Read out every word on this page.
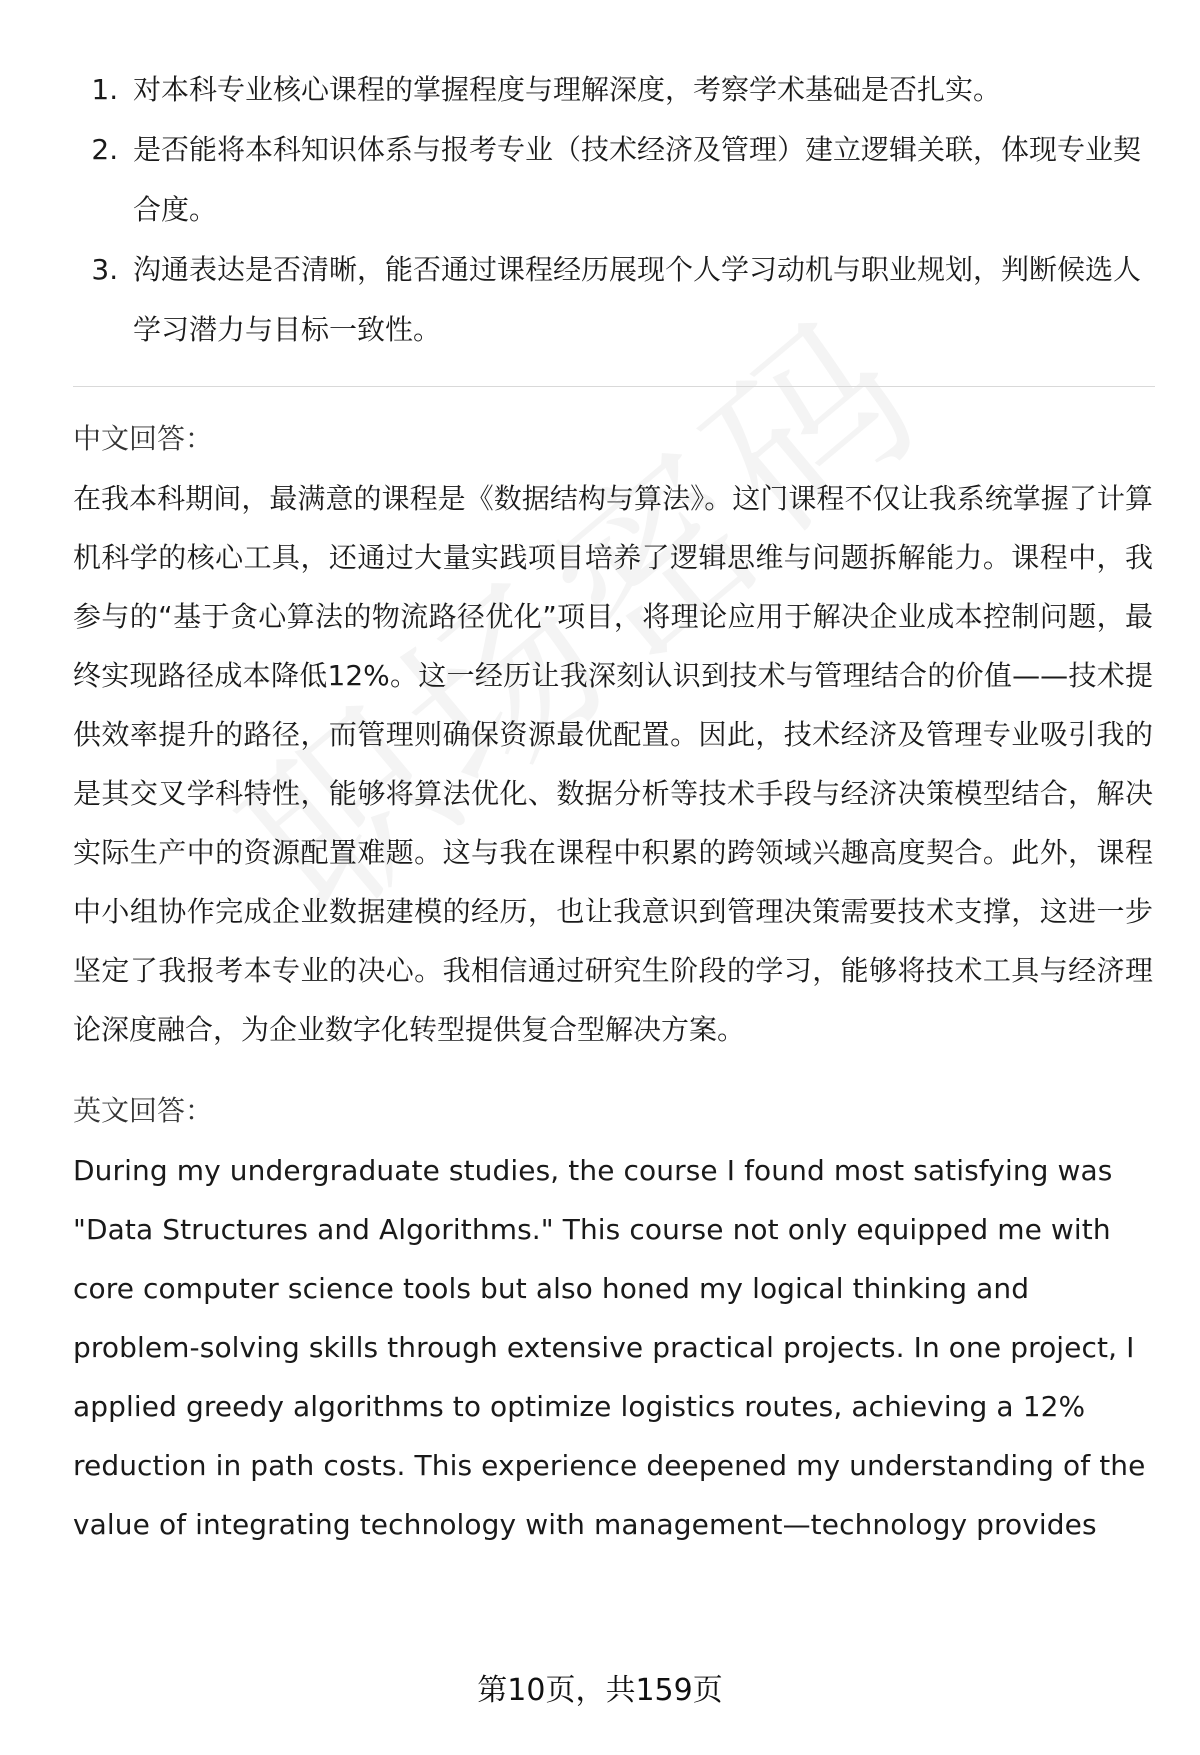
1. 对本科专业核心课程的掌握程度与理解深度，考察学术基础是否扎实。
2. 是否能将本科知识体系与报考专业（技术经济及管理）建立逻辑关联，体现专业契合度。
3. 沟通表达是否清晰，能否通过课程经历展现个人学习动机与职业规划，判断候选人学习潜力与目标一致性。
中文回答：

在我本科期间，最满意的课程是《数据结构与算法》。这门课程不仅让我系统掌握了计算机科学的核心工具，还通过大量实践项目培养了逻辑思维与问题拆解能力。课程中，我参与的“基于贪心算法的物流路径优化”项目，将理论应用于解决企业成本控制问题，最终实现路径成本降低12%。这一经历让我深刻认识到技术与管理结合的价值——技术提供效率提升的路径，而管理则确保资源最优配置。因此，技术经济及管理专业吸引我的是其交叉学科特性，能够将算法优化、数据分析等技术手段与经济决策模型结合，解决实际生产中的资源配置难题。这与我在课程中积累的跨领域兴趣高度契合。此外，课程中小组协作完成企业数据建模的经历，也让我意识到管理决策需要技术支撑，这进一步坚定了我报考本专业的决心。我相信通过研究生阶段的学习，能够将技术工具与经济理论深度融合，为企业数字化转型提供复合型解决方案。

英文回答：

During my undergraduate studies, the course I found most satisfying was "Data Structures and Algorithms." This course not only equipped me with core computer science tools but also honed my logical thinking and problem-solving skills through extensive practical projects. In one project, I applied greedy algorithms to optimize logistics routes, achieving a 12% reduction in path costs. This experience deepened my understanding of the value of integrating technology with management—technology provides

第10页，共159页
